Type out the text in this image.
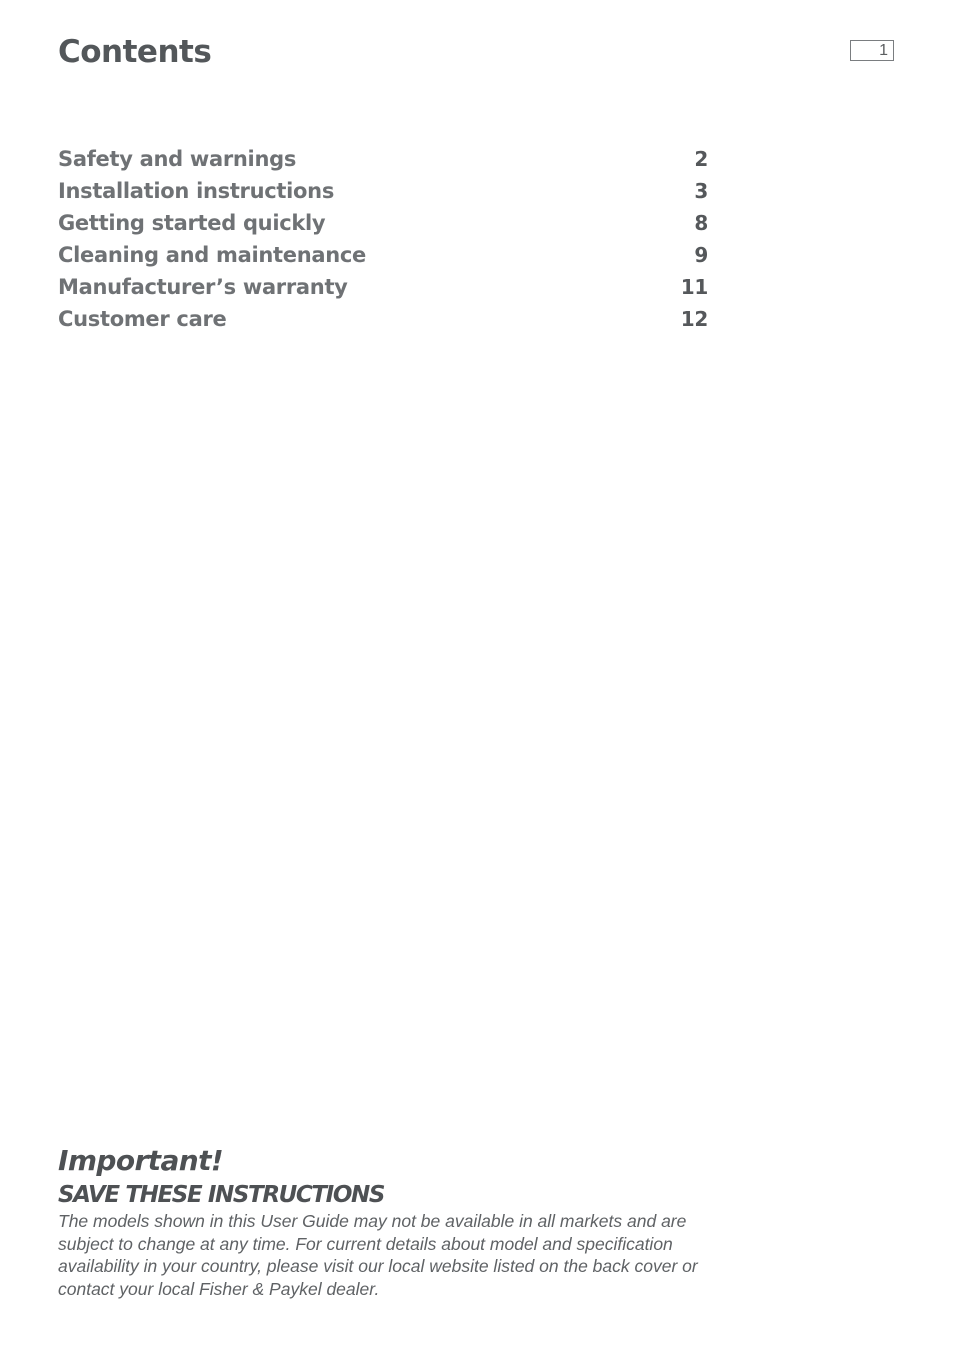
Contents	1
Safety and warnings	2
Installation instructions	3
Getting started quickly	8
Cleaning and maintenance	9
Manufacturer’s warranty	11
Customer care	12
Important!
SAVE THESE INSTRUCTIONS

The models shown in this User Guide may not be available in all markets and are subject to change at any time. For current details about model and specification availability in your country, please visit our local website listed on the back cover or contact your local Fisher & Paykel dealer.
